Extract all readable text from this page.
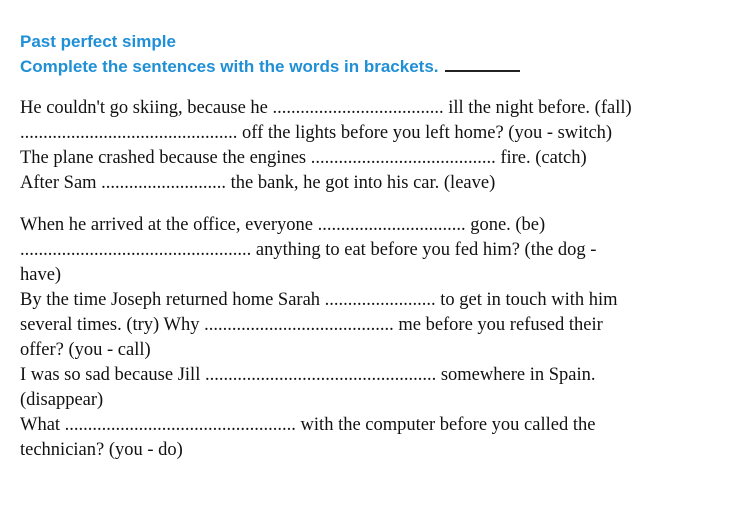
Past perfect simple
Complete the sentences with the words in brackets.
He couldn't go skiing, because he ..................................... ill the night before. (fall)
............................................... off the lights before you left home? (you - switch)
The plane crashed because the engines ........................................ fire. (catch)
After Sam ........................... the bank, he got into his car. (leave)
When he arrived at the office, everyone ................................ gone. (be)
.................................................. anything to eat before you fed him? (the dog -
have)
By the time Joseph returned home Sarah ........................ to get in touch with him
several times. (try) Why ......................................... me before you refused their
offer? (you - call)
I was so sad because Jill .................................................. somewhere in Spain.
(disappear)
What .................................................. with the computer before you called the
technician? (you - do)
